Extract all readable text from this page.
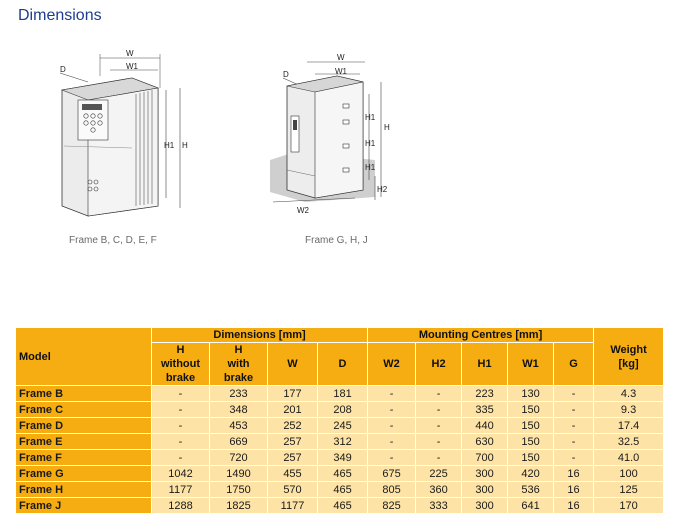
Dimensions
W
W1
D
H1 H
Frame B, C, D, E, F
W
W1
D
H1
H1
H1
H
H2
W2
Frame G, H, J
Model	Dimensions [mm]				Mounting Centres [mm]					Weight
[kg]
	H
without
brake	H
with
brake	W	D	W2	H2	H1	W1	G	
Frame B	-	233	177	181	-	-	223	130	-	4.3
Frame C	-	348	201	208	-	-	335	150	-	9.3
Frame D	-	453	252	245	-	-	440	150	-	17.4
Frame E	-	669	257	312	-	-	630	150	-	32.5
Frame F	-	720	257	349	-	-	700	150	-	41.0
Frame G	1042	1490	455	465	675	225	300	420	16	100
Frame H	1177	1750	570	465	805	360	300	536	16	125
Frame J	1288	1825	1177	465	825	333	300	641	16	170
